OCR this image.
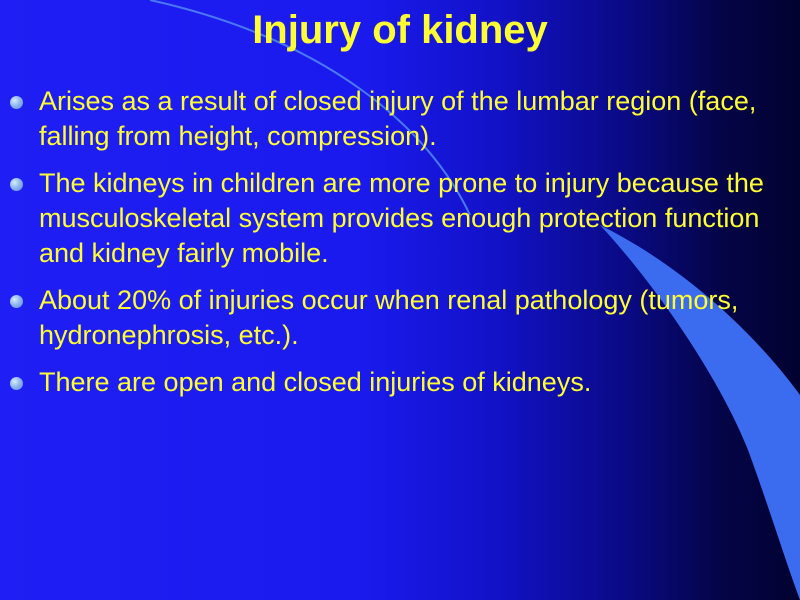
Injury of kidney
Arises as a result of closed injury of the lumbar region (face, falling from height, compression).
The kidneys in children are more prone to injury because the musculoskeletal system provides enough protection function and kidney fairly mobile.
About 20% of injuries occur when renal pathology (tumors, hydronephrosis, etc.).
There are open and closed injuries of kidneys.
